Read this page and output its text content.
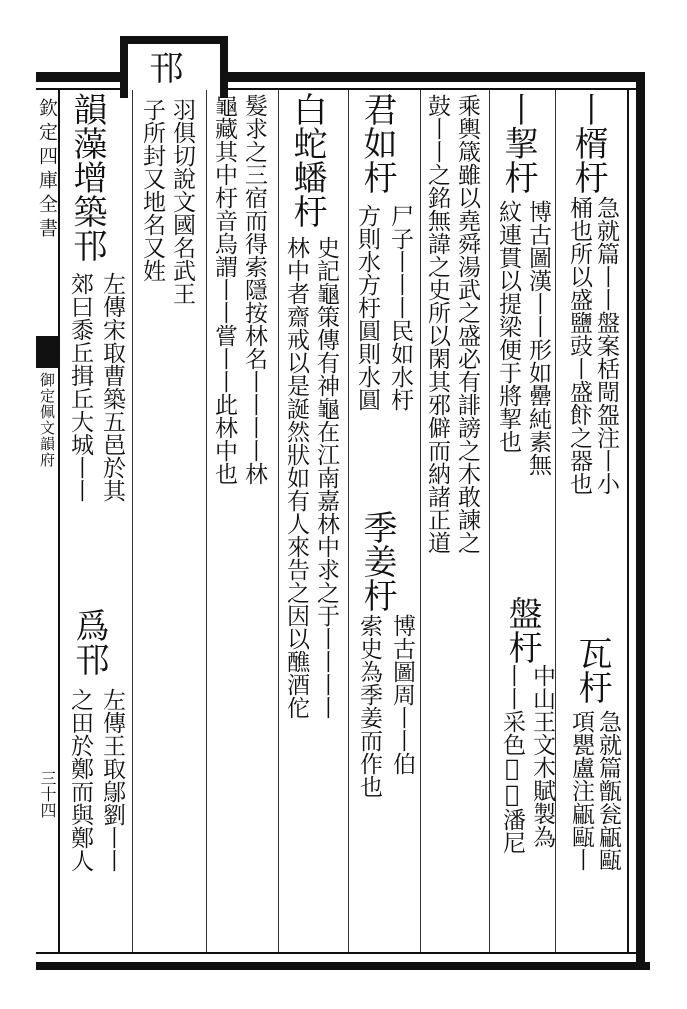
欽定四庫全書
御定佩文韻府
三十四
丨楈杅
急就篇丨丨盤案栝閜盌注丨小
桶也所以盛鹽豉丨盛飰之器也
瓦杅
急就篇甑瓮甂甌
項甖盧注甂甌丨
丨挈杅
博古圖漢丨丨形如罍純素無
紋連貫以提梁便于將挈也
盤杅
中山王文木賦製為
丨丨采色𦄵𦄣潘尼
乘輿箴雖以堯舜湯武之盛必有誹謗之木敢諫之
鼓丨丨之銘無諱之史所以閑其邪僻而納諸正道
君如杅
尸子丨丨丨民如水杅
方則水方杅圓則水圓
季姜杅
博古圖周丨丨伯
索史為季姜而作也
白蛇蟠杅
史記龜策傳有神龜在江南嘉林中求之于丨丨丨丨
林中者齋戒以是誕然狀如有人來告之因以醮酒佗
髮求之三宿而得索隱按林名丨丨丨丨林
龜藏其中杅音烏謂丨丨嘗丨丨此林中也
邗
羽俱切說文國名武王
子所封又地名又姓
韻藻增築邗
左傳宋取曹築五邑於其
郊曰黍丘揖丘大城丨丨
爲邗
左傳王取鄔劉丨丨
之田於鄭而與鄭人
